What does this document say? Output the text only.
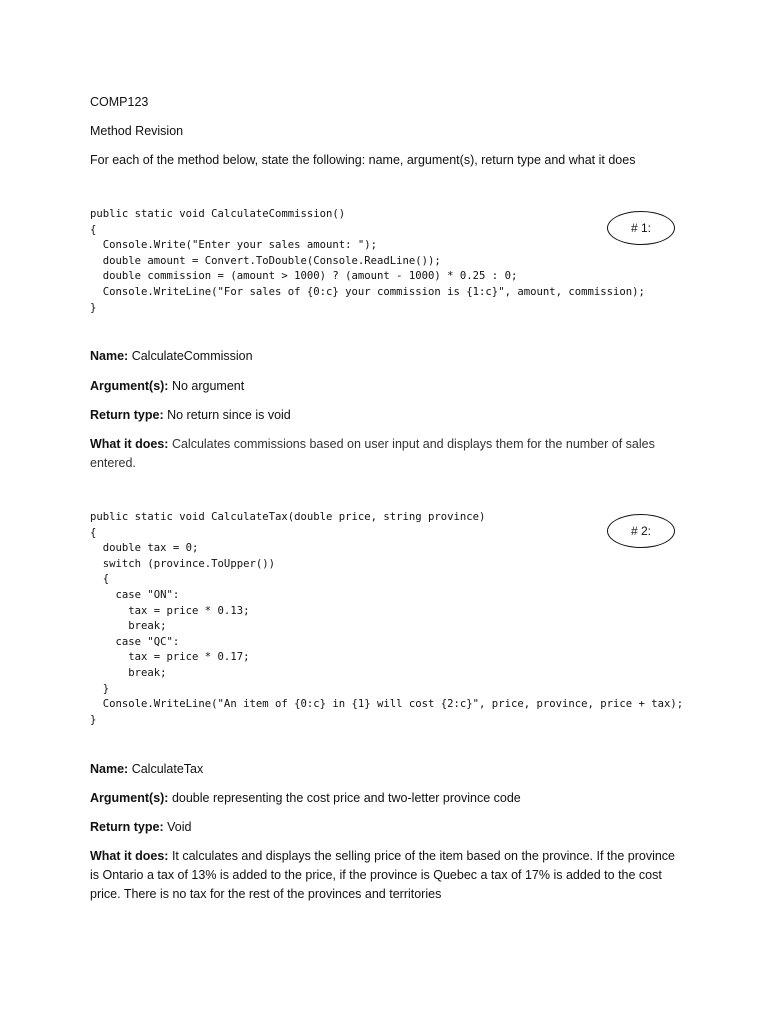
COMP123
Method Revision
For each of the method below, state the following: name, argument(s), return type and what it does
public static void CalculateCommission()
{
Console.Write("Enter your sales amount: ");
double amount = Convert.ToDouble(Console.ReadLine());
double commission = (amount > 1000) ? (amount - 1000) * 0.25 : 0;
Console.WriteLine("For sales of {0:c} your commission is {1:c}", amount, commission);
}
# 1:
Name: CalculateCommission
Argument(s): No argument
Return type: No return since is void
What it does: Calculates commissions based on user input and displays them for the number of sales entered.
public static void CalculateTax(double price, string province)
{
double tax = 0;
switch (province.ToUpper())
{
case "ON":
tax = price * 0.13;
break;
case "QC":
tax = price * 0.17;
break;
}
Console.WriteLine("An item of {0:c} in {1} will cost {2:c}", price, province, price + tax);
}
# 2:
Name: CalculateTax
Argument(s): double representing the cost price and two-letter province code
Return type: Void
What it does: It calculates and displays the selling price of the item based on the province. If the province is Ontario a tax of 13% is added to the price, if the province is Quebec a tax of 17% is added to the cost price. There is no tax for the rest of the provinces and territories
